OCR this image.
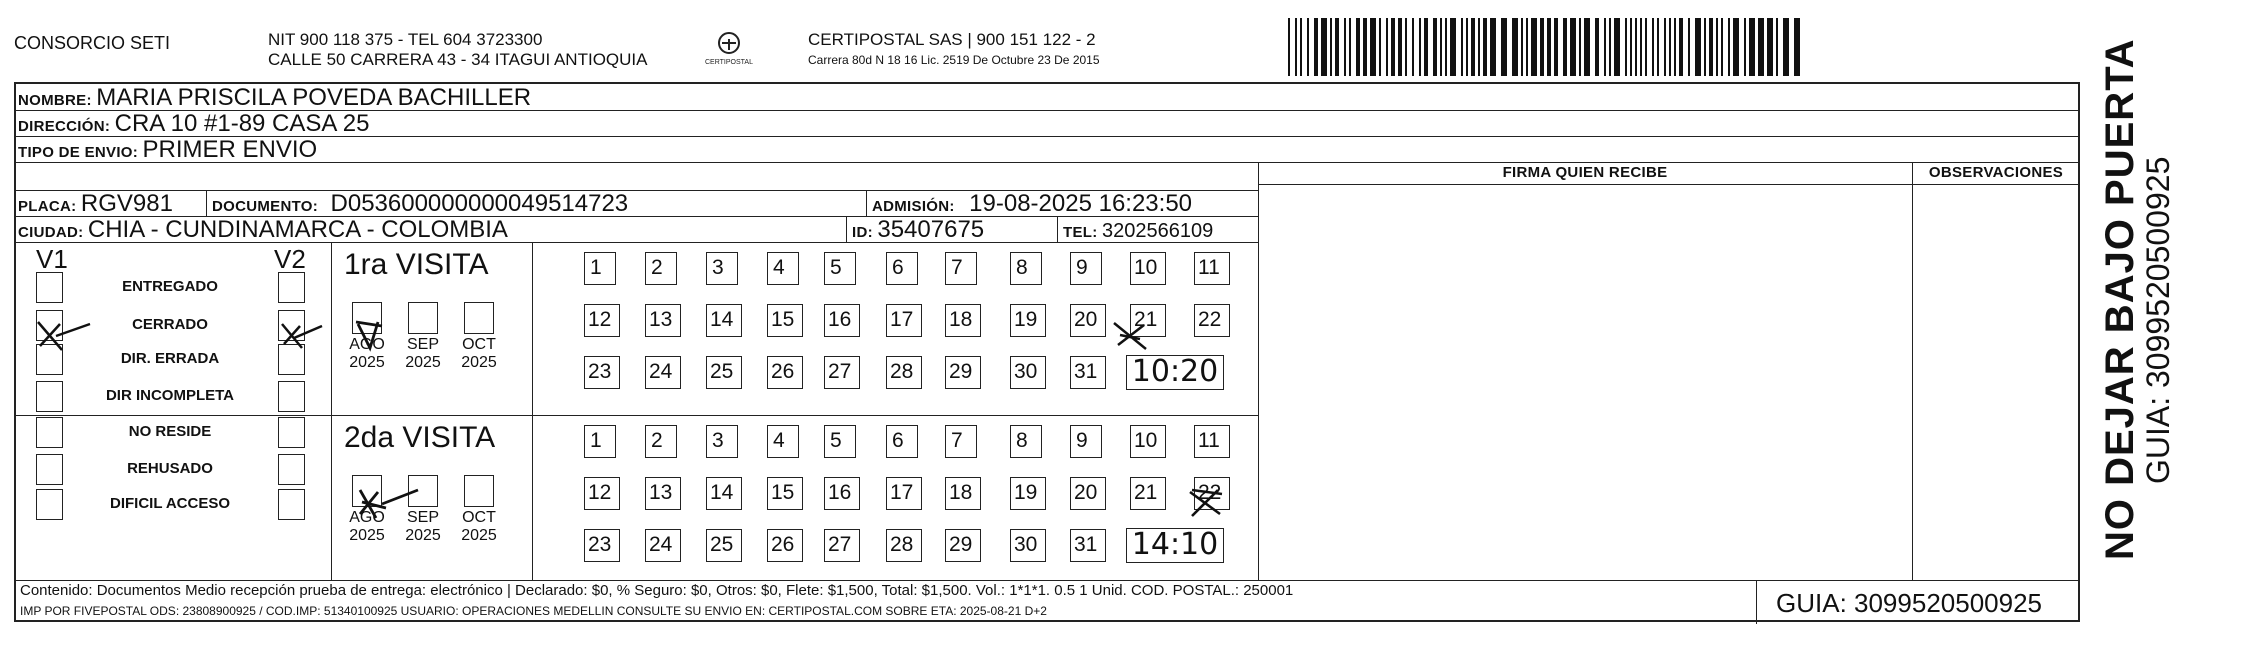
CONSORCIO SETI	NIT 900 118 375 - TEL 604 3723300
CALLE 50 CARRERA 43 - 34 ITAGUI ANTIOQUIA	CERTIPOSTAL
CERTIPOSTAL SAS | 900 151 122 - 2
Carrera 80d N 18 16 Lic. 2519 De Octubre 23 De 2015
NOMBRE: MARIA PRISCILA POVEDA BACHILLER
DIRECCIÓN: CRA 10 #1-89 CASA 25
TIPO DE ENVIO: PRIMER ENVIO
FIRMA QUIEN RECIBE	OBSERVACIONES
PLACA: RGV981	DOCUMENTO: D053600000000049514723	ADMISIÓN: 19-08-2025 16:23:50
CIUDAD: CHIA - CUNDINAMARCA - COLOMBIA	ID: 35407675	TEL: 3202566109
V1	V2
ENTREGADO
CERRADO
DIR. ERRADA
DIR INCOMPLETA
NO RESIDE
REHUSADO
DIFICIL ACCESO
1ra VISITA
AGO
2025
SEP
2025
OCT
2025
1	2	3	4	5	6	7	8	9	10	11
12	13	14	15	16	17	18	19	20	21	22
23	24	25	26	27	28	29	30	31 10:20
2da VISITA
AGO
2025
SEP
2025
OCT
2025
1	2	3	4	5	6	7	8	9	10	11
12	13	14	15	16	17	18	19	20	21	22
23	24	25	26	27	28	29	30	31 14:10
Contenido: Documentos Medio recepción prueba de entrega: electrónico | Declarado: $0, % Seguro: $0, Otros: $0, Flete: $1,500, Total: $1,500. Vol.: 1*1*1. 0.5 1 Unid. COD. POSTAL.: 250001
IMP POR FIVEPOSTAL ODS: 23808900925 / COD.IMP: 51340100925 USUARIO: OPERACIONES MEDELLIN CONSULTE SU ENVIO EN: CERTIPOSTAL.COM SOBRE ETA: 2025-08-21 D+2	GUIA: 3099520500925
NO DEJAR BAJO PUERTA
GUIA: 3099520500925
